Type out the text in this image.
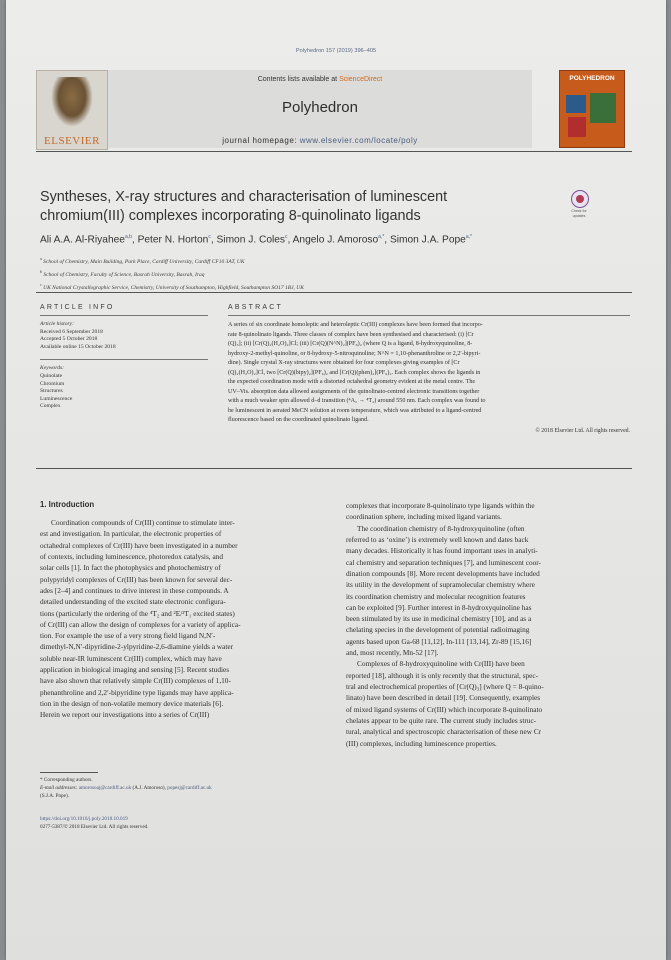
Polyhedron 157 (2019) 396–405
ELSEVIER
Contents lists available at ScienceDirect
Polyhedron
journal homepage: www.elsevier.com/locate/poly
POLYHEDRON
Syntheses, X-ray structures and characterisation of luminescent
chromium(III) complexes incorporating 8-quinolinato ligands	Check for updates
Ali A.A. Al-Riyahee$^{a,b}$, Peter N. Horton$^c$, Simon J. Coles$^c$, Angelo J. Amoroso$^{a,*}$, Simon J.A. Pope$^{a,*}$
$^a$ School of Chemistry, Main Building, Park Place, Cardiff University, Cardiff CF10 3AT, UK
$^b$ School of Chemistry, Faculty of Science, Basrah University, Basrah, Iraq
$^c$ UK National Crystallographic Service, Chemistry, University of Southampton, Highfield, Southampton SO17 1BJ, UK
ARTICLE INFO
Article history:
Received 6 September 2018
Accepted 5 October 2018
Available online 15 October 2018
Keywords:
Quinolate
Chromium
Structures
Luminescence
Complex
ABSTRACT
A series of six coordinate homoleptic and heteroleptic Cr(III) complexes have been formed that incorpo-
rate 8-quinolinato ligands. Three classes of complex have been synthesised and characterised: (i) [Cr
(Q)₃]; (ii) [Cr(Q)₂(H₂O)₂]Cl; (iii) [Cr(Q)(N^N)₂](PF₆)₂ (where Q is a ligand, 8-hydroxyquinoline, 8-
hydroxy-2-methyl-quinoline, or 8-hydroxy-5-nitroquinoline; N^N = 1,10-phenanthroline or 2,2′-bipyri-
dine). Single crystal X-ray structures were obtained for four complexes giving examples of [Cr
(Q)₂(H₂O)₂]Cl, two [Cr(Q)(bipy)₂](PF₆)₂ and [Cr(Q)(phen)₂](PF₆)₂. Each complex shows the ligands in
the expected coordination mode with a distorted octahedral geometry evident at the metal centre. The
UV–Vis. absorption data allowed assignments of the quinolinato-centred electronic transitions together
with a much weaker spin allowed d–d transition (⁴A₂ → ⁴T₂) around 550 nm. Each complex was found to
be luminescent in aerated MeCN solution at room temperature, which was attributed to a ligand-centred
fluorescence based on the coordinated quinolinato ligand.
© 2018 Elsevier Ltd. All rights reserved.
1. Introduction
Coordination compounds of Cr(III) continue to stimulate inter-
est and investigation. In particular, the electronic properties of
octahedral complexes of Cr(III) have been investigated in a number
of contexts, including luminescence, photoredox catalysis, and
solar cells [1]. In fact the photophysics and photochemistry of
polypyridyl complexes of Cr(III) has been known for several dec-
ades [2–4] and continues to drive interest in these compounds. A
detailed understanding of the excited state electronic configura-
tions (particularly the ordering of the ⁴T₂ and ²E/²T₁ excited states)
of Cr(III) can allow the design of complexes for a variety of applica-
tion. For example the use of a very strong field ligand N,N′-
dimethyl-N,N′-dipyridine-2-ylpyridine-2,6-diamine yields a water
soluble near-IR luminescent Cr(III) complex, which may have
application in biological imaging and sensing [5]. Recent studies
have also shown that relatively simple Cr(III) complexes of 1,10-
phenanthroline and 2,2′-bipyridine type ligands may have applica-
tion in the design of non-volatile memory device materials [6].
Herein we report our investigations into a series of Cr(III)
complexes that incorporate 8-quinolinato type ligands within the
coordination sphere, including mixed ligand variants.
The coordination chemistry of 8-hydroxyquinoline (often
referred to as ‘oxine’) is extremely well known and dates back
many decades. Historically it has found important uses in analyti-
cal chemistry and separation techniques [7], and luminescent coor-
dination compounds [8]. More recent developments have included
its utility in the development of supramolecular chemistry where
its coordination chemistry and molecular recognition features
can be exploited [9]. Further interest in 8-hydroxyquinoline has
been stimulated by its use in medicinal chemistry [10], and as a
chelating species in the development of potential radioimaging
agents based upon Ga-68 [11,12], In-111 [13,14], Zr-89 [15,16]
and, most recently, Mn-52 [17].
Complexes of 8-hydroxyquinoline with Cr(III) have been
reported [18], although it is only recently that the structural, spec-
tral and electrochemical properties of [Cr(Q)₃] (where Q = 8-quino-
linato) have been described in detail [19]. Consequently, examples
of mixed ligand systems of Cr(III) which incorporate 8-quinolinato
chelates appear to be quite rare. The current study includes struc-
tural, analytical and spectroscopic characterisation of these new Cr
(III) complexes, including luminescence properties.
* Corresponding authors.
E-mail addresses: amorosoaj@cardiff.ac.uk (A.J. Amoroso), popesj@cardiff.ac.uk
(S.J.A. Pope).
https://doi.org/10.1016/j.poly.2018.10.019
0277-5387/© 2018 Elsevier Ltd. All rights reserved.
